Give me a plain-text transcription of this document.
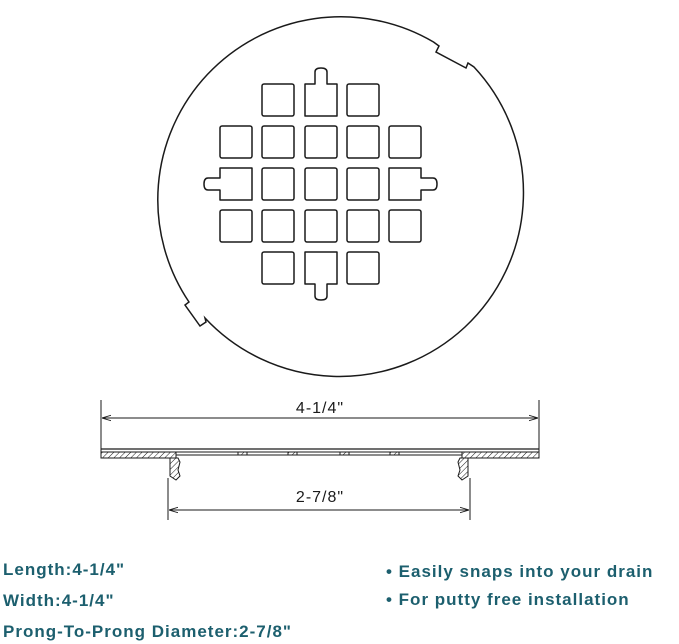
4-1/4"
2-7/8"

Length:4-1/4"

Width:4-1/4"

Prong-To-Prong Diameter:2-7/8"

• Easily snaps into your drain

• For putty free installation
